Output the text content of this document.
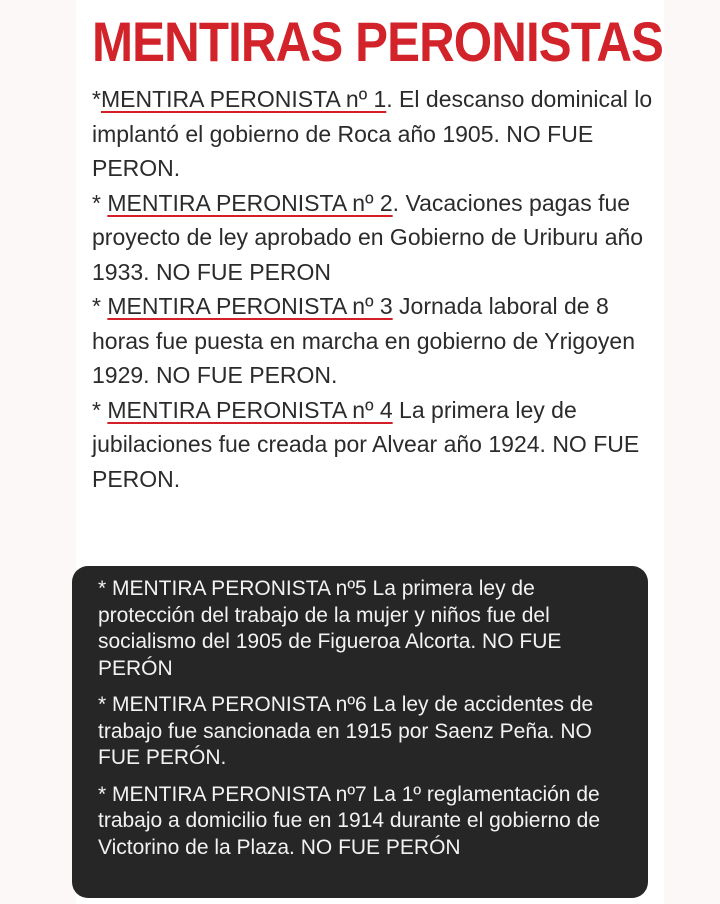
MENTIRAS PERONISTAS

*MENTIRA PERONISTA nº 1. El descanso dominical lo implantó el gobierno de Roca año 1905. NO FUE PERON.

* MENTIRA PERONISTA nº 2. Vacaciones pagas fue proyecto de ley aprobado en Gobierno de Uriburu año 1933. NO FUE PERON

* MENTIRA PERONISTA nº 3 Jornada laboral de 8 horas fue puesta en marcha en gobierno de Yrigoyen 1929. NO FUE PERON.

* MENTIRA PERONISTA nº 4 La primera ley de jubilaciones fue creada por Alvear año 1924. NO FUE PERON.

* MENTIRA PERONISTA nº5 La primera ley de protección del trabajo de la mujer y niños fue del socialismo del 1905 de Figueroa Alcorta. NO FUE PERÓN

* MENTIRA PERONISTA nº6 La ley de accidentes de trabajo fue sancionada en 1915 por Saenz Peña. NO FUE PERÓN.

* MENTIRA PERONISTA nº7 La 1º reglamentación de trabajo a domicilio fue en 1914 durante el gobierno de Victorino de la Plaza. NO FUE PERÓN
